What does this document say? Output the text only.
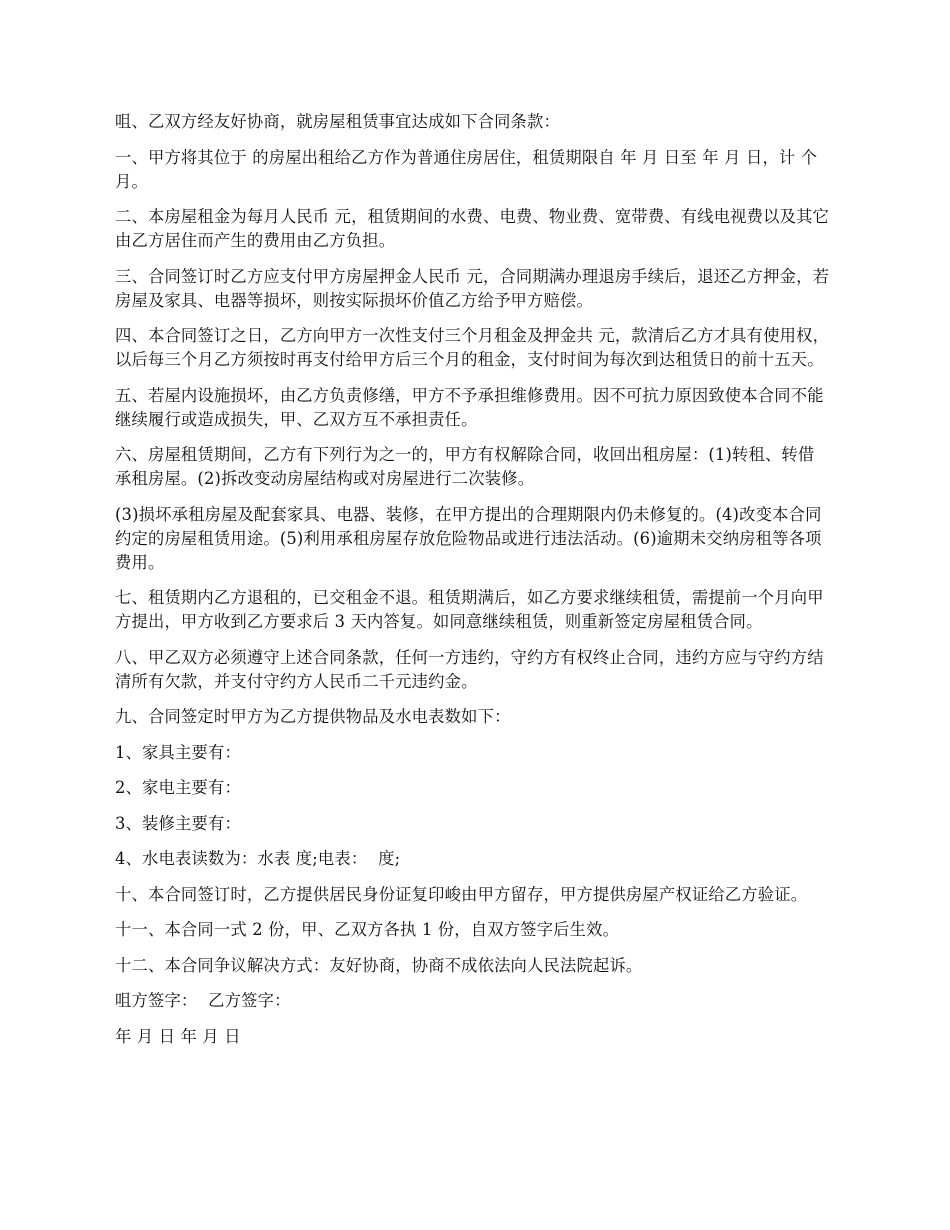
咀、乙双方经友好协商，就房屋租赁事宜达成如下合同条款：

一、甲方将其位于 的房屋出租给乙方作为普通住房居住，租赁期限自 年 月 日至 年 月 日，计 个月。

二、本房屋租金为每月人民币 元，租赁期间的水费、电费、物业费、宽带费、有线电视费以及其它由乙方居住而产生的费用由乙方负担。

三、合同签订时乙方应支付甲方房屋押金人民币 元，合同期满办理退房手续后，退还乙方押金，若房屋及家具、电器等损坏，则按实际损坏价值乙方给予甲方赔偿。

四、本合同签订之日，乙方向甲方一次性支付三个月租金及押金共 元，款清后乙方才具有使用权，以后每三个月乙方须按时再支付给甲方后三个月的租金，支付时间为每次到达租赁日的前十五天。

五、若屋内设施损坏，由乙方负责修缮，甲方不予承担维修费用。因不可抗力原因致使本合同不能继续履行或造成损失，甲、乙双方互不承担责任。

六、房屋租赁期间，乙方有下列行为之一的，甲方有权解除合同，收回出租房屋：(1)转租、转借承租房屋。(2)拆改变动房屋结构或对房屋进行二次装修。

(3)损坏承租房屋及配套家具、电器、装修，在甲方提出的合理期限内仍未修复的。(4)改变本合同约定的房屋租赁用途。(5)利用承租房屋存放危险物品或进行违法活动。(6)逾期未交纳房租等各项费用。

七、租赁期内乙方退租的，已交租金不退。租赁期满后，如乙方要求继续租赁，需提前一个月向甲方提出，甲方收到乙方要求后 3 天内答复。如同意继续租赁，则重新签定房屋租赁合同。

八、甲乙双方必须遵守上述合同条款，任何一方违约，守约方有权终止合同，违约方应与守约方结清所有欠款，并支付守约方人民币二千元违约金。

九、合同签定时甲方为乙方提供物品及水电表数如下：

1、家具主要有：

2、家电主要有：

3、装修主要有：

4、水电表读数为：水表 度;电表：  度;

十、本合同签订时，乙方提供居民身份证复印峻由甲方留存，甲方提供房屋产权证给乙方验证。

十一、本合同一式 2 份，甲、乙双方各执 1 份，自双方签字后生效。

十二、本合同争议解决方式：友好协商，协商不成依法向人民法院起诉。

咀方签字：  乙方签字：

年 月 日 年 月 日
